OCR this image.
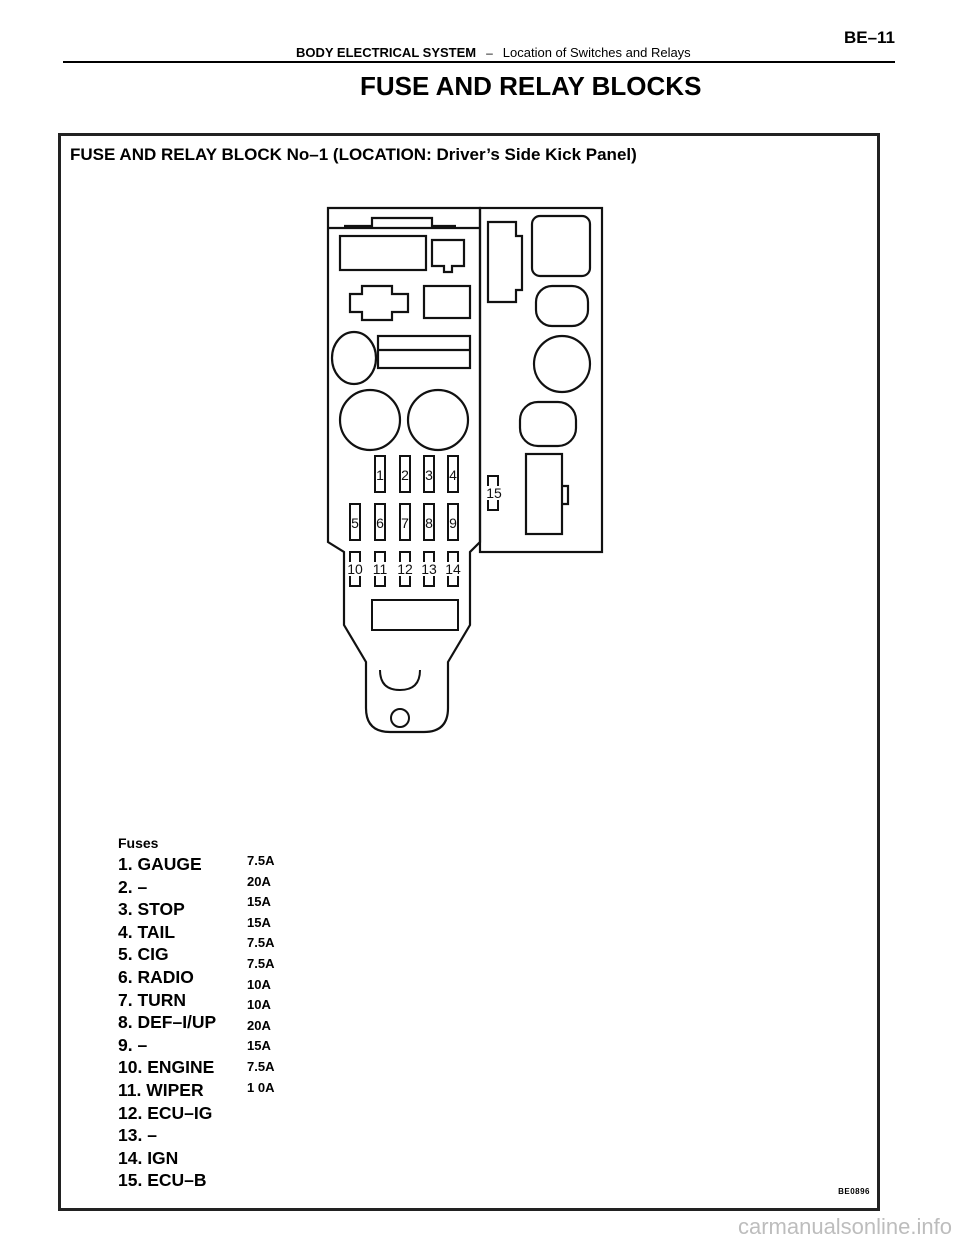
BODY ELECTRICAL SYSTEM – Location of Switches and Relays
BE–11
FUSE AND RELAY BLOCKS
FUSE AND RELAY BLOCK No–1 (LOCATION: Driver’s Side Kick Panel)
1 2 3 4
5 6 7 8 9
10 11 12 13 14
15
Fuses
1. GAUGE
2. –
3. STOP
4. TAIL
5. CIG
6. RADIO
7. TURN
8. DEF–I/UP
9. –
10. ENGINE
11. WIPER
12. ECU–IG
13. –
14. IGN
15. ECU–B
7.5A
20A
15A
15A
7.5A
7.5A
10A
10A
20A
15A
7.5A
1 0A
BE0896
carmanualsonline.info
